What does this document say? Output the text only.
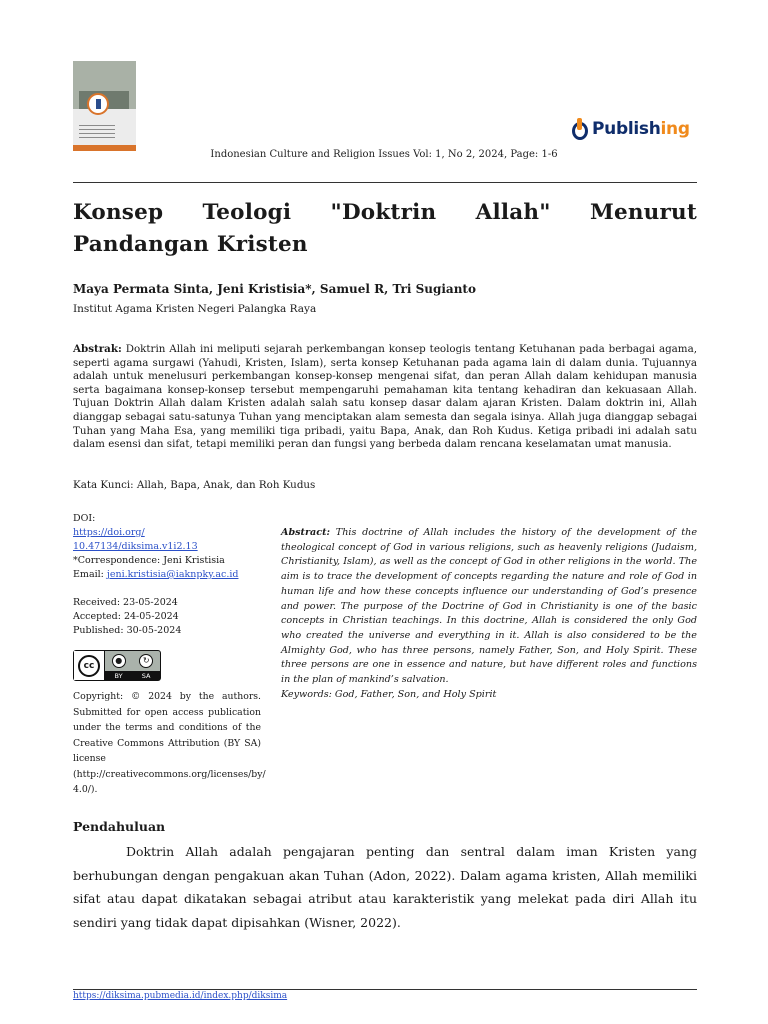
Publishing
Indonesian Culture and Religion Issues Vol: 1, No 2, 2024, Page: 1-6
Konsep Teologi "Doktrin Allah" Menurut Pandangan Kristen
Maya Permata Sinta, Jeni Kristisia*, Samuel R, Tri Sugianto
Institut Agama Kristen Negeri Palangka Raya

Abstrak: Doktrin Allah ini meliputi sejarah perkembangan konsep teologis tentang Ketuhanan pada berbagai agama, seperti agama surgawi (Yahudi, Kristen, Islam), serta konsep Ketuhanan pada agama lain di dalam dunia. Tujuannya adalah untuk menelusuri perkembangan konsep-konsep mengenai sifat, dan peran Allah dalam kehidupan manusia serta bagaimana konsep-konsep tersebut mempengaruhi pemahaman kita tentang kehadiran dan kekuasaan Allah. Tujuan Doktrin Allah dalam Kristen adalah salah satu konsep dasar dalam ajaran Kristen. Dalam doktrin ini, Allah dianggap sebagai satu-satunya Tuhan yang menciptakan alam semesta dan segala isinya. Allah juga dianggap sebagai Tuhan yang Maha Esa, yang memiliki tiga pribadi, yaitu Bapa, Anak, dan Roh Kudus. Ketiga pribadi ini adalah satu dalam esensi dan sifat, tetapi memiliki peran dan fungsi yang berbeda dalam rencana keselamatan umat manusia.

Kata Kunci: Allah, Bapa, Anak, dan Roh Kudus
DOI:
https://doi.org/ 10.47134/diksima.v1i2.13
*Correspondence: Jeni Kristisia
Email: jeni.kristisia@iaknpky.ac.id
Received: 23-05-2024
Accepted: 24-05-2024
Published: 30-05-2024
cc	●	↻
BY	SA
Copyright: © 2024 by the authors. Submitted for open access publication under the terms and conditions of the Creative Commons Attribution (BY SA) license (http://creativecommons.org/licenses/by/ 4.0/).

Abstract: This doctrine of Allah includes the history of the development of the theological concept of God in various religions, such as heavenly religions (Judaism, Christianity, Islam), as well as the concept of God in other religions in the world. The aim is to trace the development of concepts regarding the nature and role of God in human life and how these concepts influence our understanding of God’s presence and power. The purpose of the Doctrine of God in Christianity is one of the basic concepts in Christian teachings. In this doctrine, Allah is considered the only God who created the universe and everything in it. Allah is also considered to be the Almighty God, who has three persons, namely Father, Son, and Holy Spirit. These three persons are one in essence and nature, but have different roles and functions in the plan of mankind’s salvation.

Keywords: God, Father, Son, and Holy Spirit
Pendahuluan

Doktrin Allah adalah pengajaran penting dan sentral dalam iman Kristen yang berhubungan dengan pengakuan akan Tuhan (Adon, 2022). Dalam agama kristen, Allah memiliki sifat atau dapat dikatakan sebagai atribut atau karakteristik yang melekat pada diri Allah itu sendiri yang tidak dapat dipisahkan (Wisner, 2022).

https://diksima.pubmedia.id/index.php/diksima
